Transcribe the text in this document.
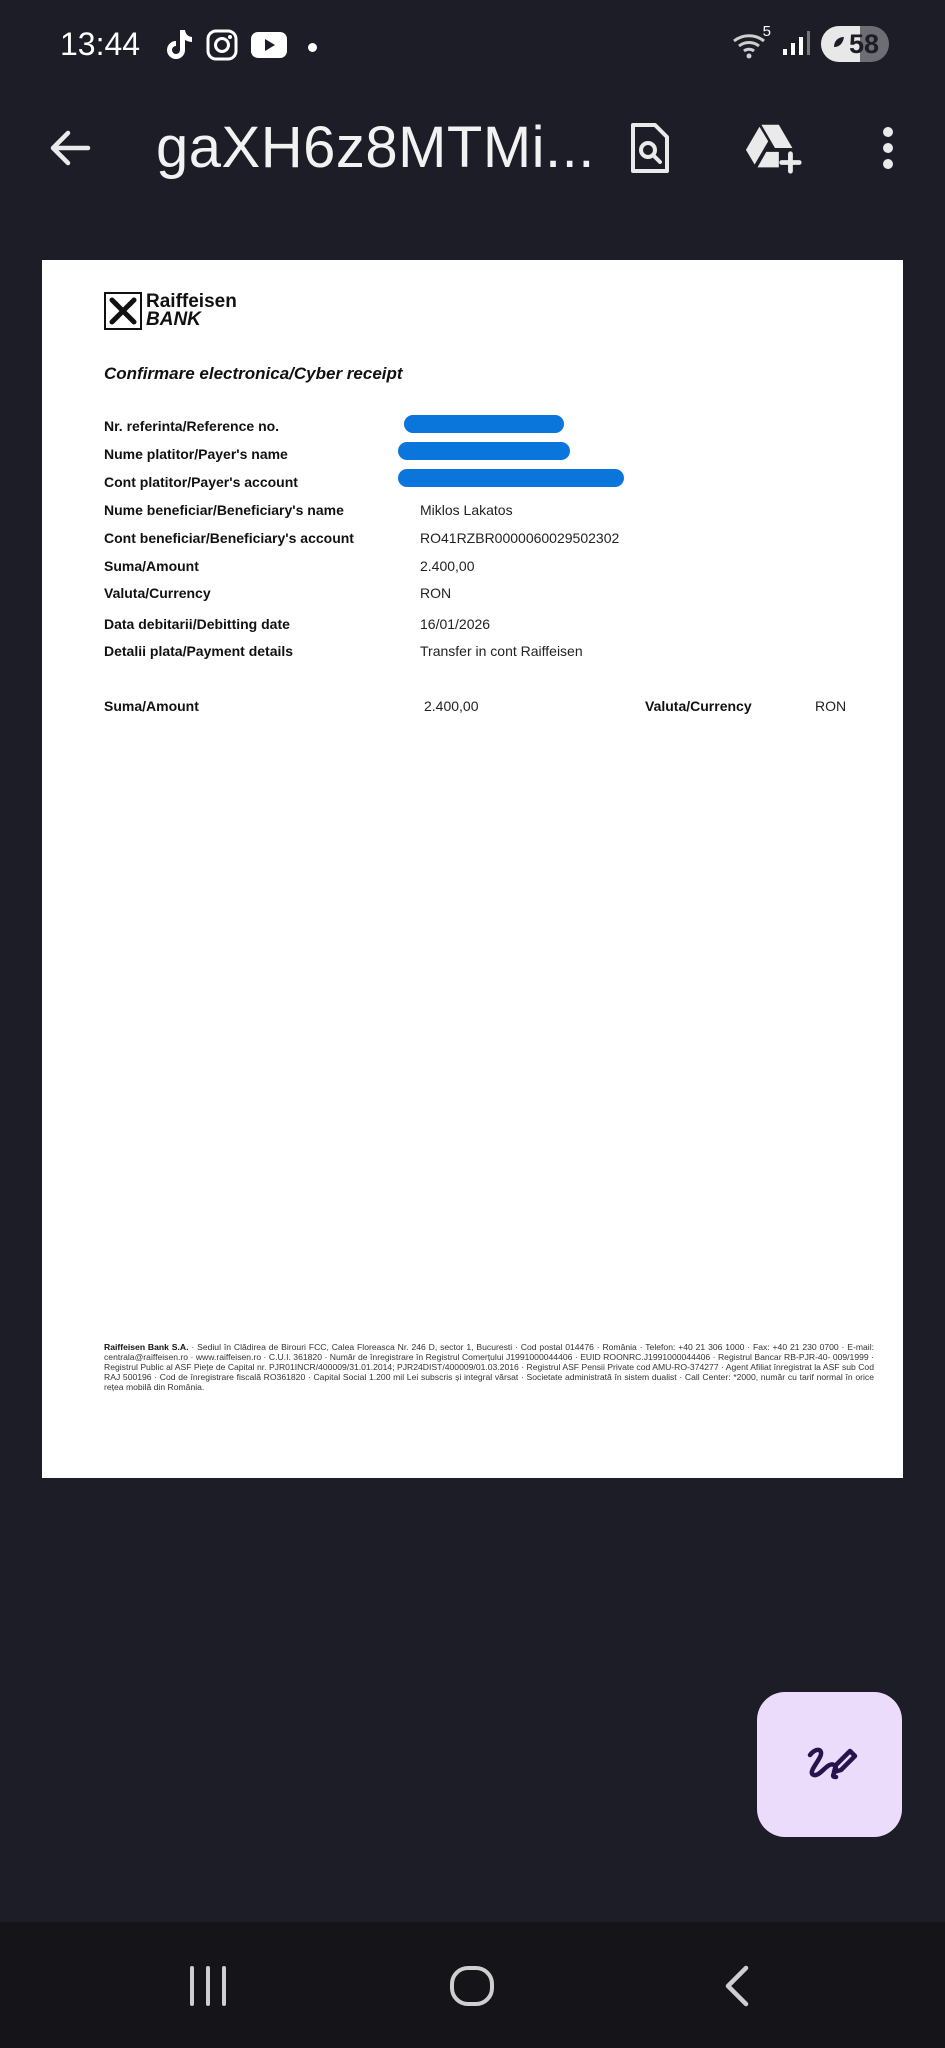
13:44	5	58
gaXH6z8MTMi...
Raiffeisen
BANK
Confirmare electronica/Cyber receipt
Nr. referinta/Reference no.
Nume platitor/Payer's name
Cont platitor/Payer's account
Nume beneficiar/Beneficiary's name	Miklos Lakatos
Cont beneficiar/Beneficiary's account	RO41RZBR0000060029502302
Suma/Amount	2.400,00
Valuta/Currency	RON
Data debitarii/Debitting date	16/01/2026
Detalii plata/Payment details	Transfer in cont Raiffeisen
Suma/Amount	2.400,00	Valuta/Currency	RON
Raiffeisen Bank S.A. · Sediul în Clădirea de Birouri FCC, Calea Floreasca Nr. 246 D, sector 1, Bucuresti · Cod postal 014476 · România · Telefon: +40 21 306 1000 · Fax: +40 21 230 0700 · E-mail: centrala@raiffeisen.ro · www.raiffeisen.ro · C.U.I. 361820 · Număr de înregistrare în Registrul Comerțului J1991000044406 · EUID ROONRC.J1991000044406 · Registrul Bancar RB-PJR-40- 009/1999 · Registrul Public al ASF Piețe de Capital nr. PJR01INCR/400009/31.01.2014; PJR24DIST/400009/01.03.2016 · Registrul ASF Pensii Private cod AMU-RO-374277 · Agent Afiliat înregistrat la ASF sub Cod RAJ 500196 · Cod de înregistrare fiscală RO361820 · Capital Social 1.200 mil Lei subscris și integral vărsat · Societate administrată în sistem dualist · Call Center: *2000, număr cu tarif normal în orice rețea mobilă din România.
